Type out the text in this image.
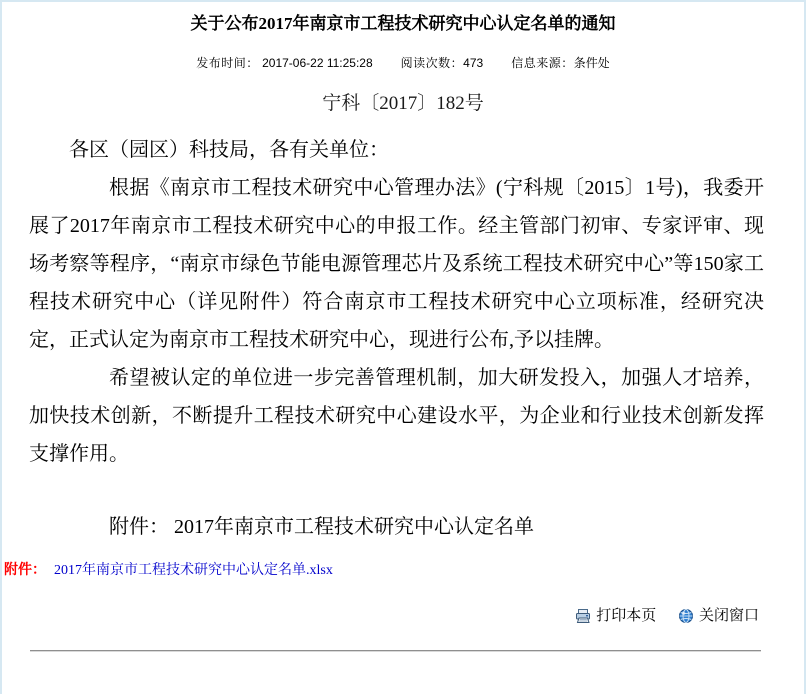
关于公布2017年南京市工程技术研究中心认定名单的通知
发布时间： 2017-06-22 11:25:28 阅读次数：473 信息来源：条件处
宁科〔2017〕182号

各区（园区）科技局，各有关单位：

根据《南京市工程技术研究中心管理办法》(宁科规〔2015〕1号)，我委开展了2017年南京市工程技术研究中心的申报工作。经主管部门初审、专家评审、现场考察等程序，“南京市绿色节能电源管理芯片及系统工程技术研究中心”等150家工程技术研究中心（详见附件）符合南京市工程技术研究中心立项标准，经研究决定，正式认定为南京市工程技术研究中心，现进行公布,予以挂牌。

希望被认定的单位进一步完善管理机制，加大研发投入，加强人才培养，加快技术创新，不断提升工程技术研究中心建设水平，为企业和行业技术创新发挥支撑作用。

附件： 2017年南京市工程技术研究中心认定名单

附件： 2017年南京市工程技术研究中心认定名单.xlsx
打印本页
	关闭窗口
